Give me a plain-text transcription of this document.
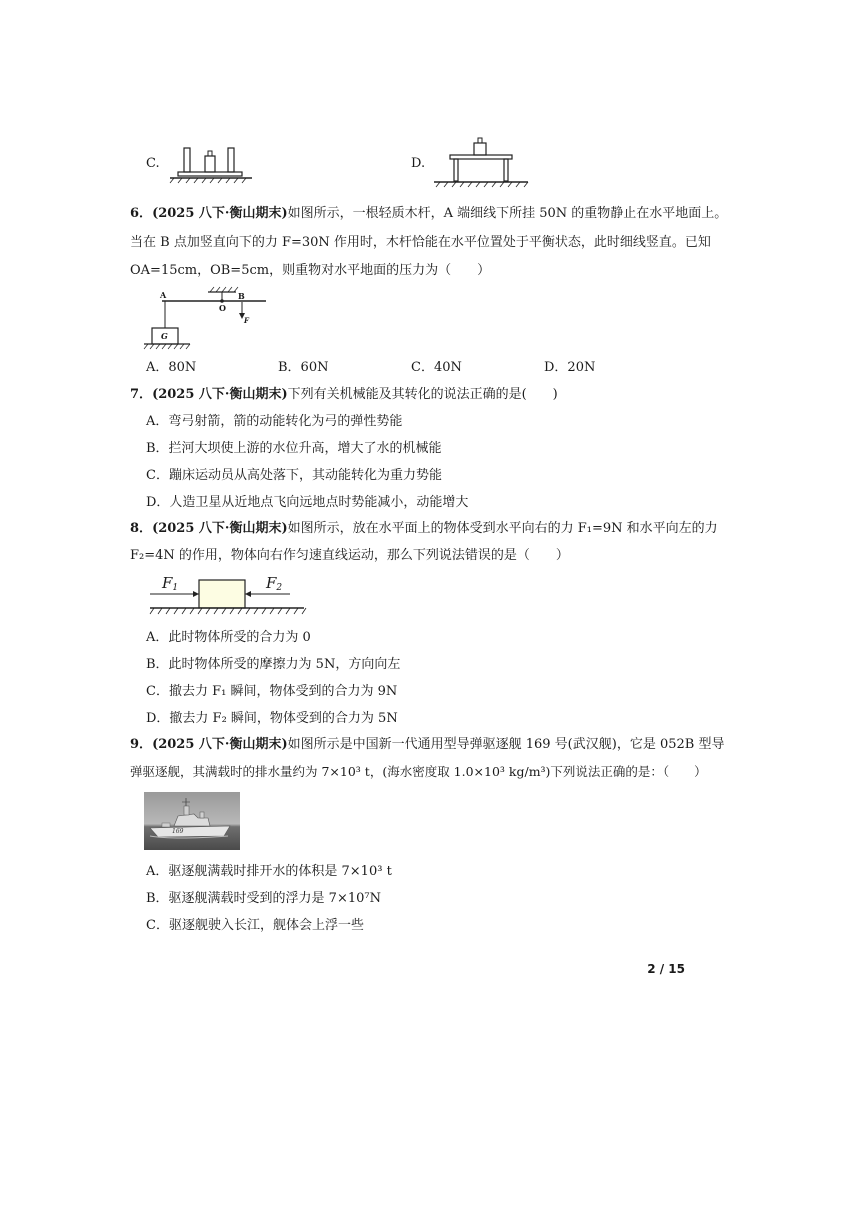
C.	D.
6．(2025 八下·衡山期末)如图所示，一根轻质木杆，A 端细线下所挂 50N 的重物静止在水平地面上。
当在 B 点加竖直向下的力 F=30N 作用时，木杆恰能在水平位置处于平衡状态，此时细线竖直。已知
OA=15cm，OB=5cm，则重物对水平地面的压力为（　　）
A
O
B
F
G
A．80N	B．60N	C．40N	D．20N
7．(2025 八下·衡山期末)下列有关机械能及其转化的说法正确的是(　　)
A．弯弓射箭，箭的动能转化为弓的弹性势能
B．拦河大坝使上游的水位升高，增大了水的机械能
C．蹦床运动员从高处落下，其动能转化为重力势能
D．人造卫星从近地点飞向远地点时势能减小，动能增大
8．(2025 八下·衡山期末)如图所示，放在水平面上的物体受到水平向右的力 F₁=9N 和水平向左的力
F₂=4N 的作用，物体向右作匀速直线运动，那么下列说法错误的是（　　）
$F_1$	$F_2$
A．此时物体所受的合力为 0
B．此时物体所受的摩擦力为 5N，方向向左
C．撤去力 F₁ 瞬间，物体受到的合力为 9N
D．撤去力 F₂ 瞬间，物体受到的合力为 5N
9．(2025 八下·衡山期末)如图所示是中国新一代通用型导弹驱逐舰 169 号(武汉舰)，它是 052B 型导
弹驱逐舰，其满载时的排水量约为 7×10³ t，(海水密度取 1.0×10³ kg/m³)下列说法正确的是：（　　）
169
A．驱逐舰满载时排开水的体积是 7×10³ t
B．驱逐舰满载时受到的浮力是 7×10⁷N
C．驱逐舰驶入长江，舰体会上浮一些
2 / 15
